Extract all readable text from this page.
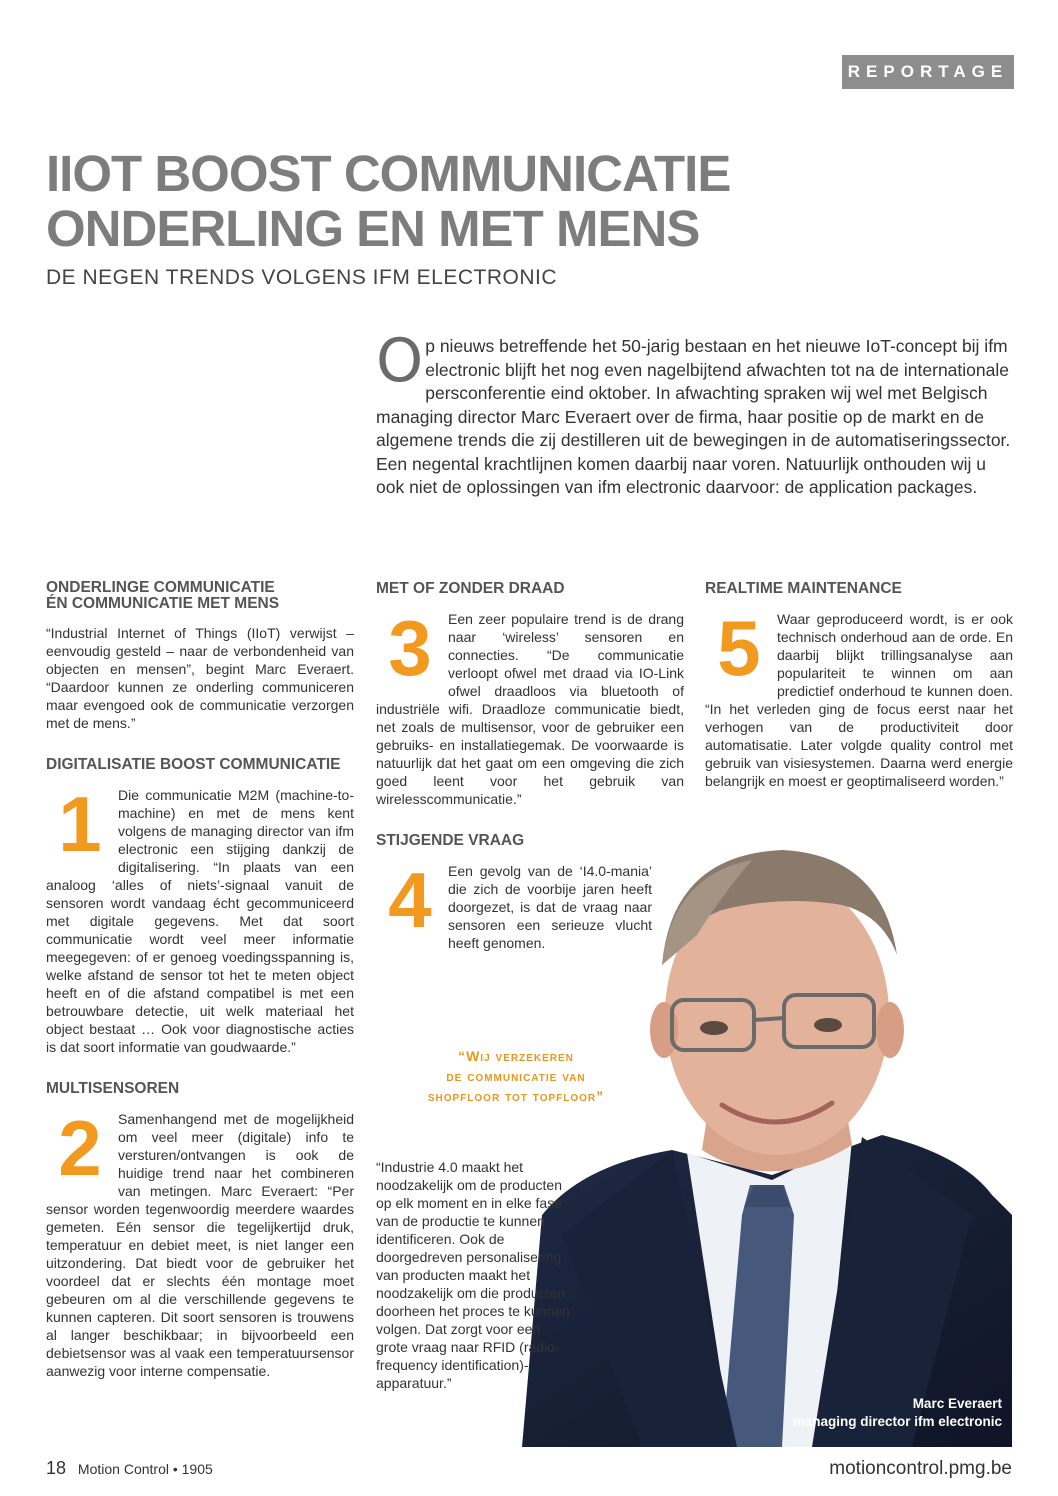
REPORTAGE
IIOT BOOST COMMUNICATIE
ONDERLING EN MET MENS
DE NEGEN TRENDS VOLGENS IFM ELECTRONIC

O p nieuws betreffende het 50-jarig bestaan en het nieuwe IoT-concept bij ifm electronic blijft het nog even nagelbijtend afwachten tot na de internationale persconferentie eind oktober. In afwachting spraken wij wel met Belgisch managing director Marc Everaert over de firma, haar positie op de markt en de algemene trends die zij destilleren uit de bewegingen in de automatiseringssector. Een negental krachtlijnen komen daarbij naar voren. Natuurlijk onthouden wij u ook niet de oplossingen van ifm electronic daarvoor: de application packages.

ONDERLINGE COMMUNICATIE
ÉN COMMUNICATIE MET MENS

“Industrial Internet of Things (IIoT) verwijst – eenvoudig gesteld – naar de verbondenheid van objecten en mensen”, begint Marc Everaert. “Daardoor kunnen ze onderling communiceren maar evengoed ook de communicatie verzorgen met de mens.”

DIGITALISATIE BOOST COMMUNICATIE

1	Die communicatie M2M (machine-to-machine) en met de mens kent volgens de managing director van ifm electronic een stijging dankzij de digitalisering. “In plaats van een analoog ‘alles of niets’-signaal vanuit de sensoren wordt vandaag écht gecommuniceerd met digitale gegevens. Met dat soort communicatie wordt veel meer informatie meegegeven: of er genoeg voedingsspanning is, welke afstand de sensor tot het te meten object heeft en of die afstand compatibel is met een betrouwbare detectie, uit welk materiaal het object bestaat … Ook voor diagnostische acties is dat soort informatie van goudwaarde.”

MULTISENSOREN

2	Samenhangend met de mogelijkheid om veel meer (digitale) info te versturen/ontvangen is ook de huidige trend naar het combineren van metingen. Marc Everaert: “Per sensor worden tegenwoordig meerdere waardes gemeten. Eén sensor die tegelijkertijd druk, temperatuur en debiet meet, is niet langer een uitzondering. Dat biedt voor de gebruiker het voordeel dat er slechts één montage moet gebeuren om al die verschillende gegevens te kunnen capteren. Dit soort sensoren is trouwens al langer beschikbaar; in bijvoorbeeld een debietsensor was al vaak een temperatuursensor aanwezig voor interne compensatie.

MET OF ZONDER DRAAD

3	Een zeer populaire trend is de drang naar ‘wireless’ sensoren en connecties. “De communicatie verloopt ofwel met draad via IO-Link ofwel draadloos via bluetooth of industriële wifi. Draadloze communicatie biedt, net zoals de multisensor, voor de gebruiker een gebruiks- en installatiegemak. De voorwaarde is natuurlijk dat het gaat om een omgeving die zich goed leent voor het gebruik van wirelesscommunicatie.”

STIJGENDE VRAAG

4	Een gevolg van de ‘I4.0-mania’ die zich de voorbije jaren heeft doorgezet, is dat de vraag naar sensoren een serieuze vlucht heeft genomen.

“Wij verzekeren
de communicatie van
shopfloor tot topfloor”
Marc Everaert
managing director ifm electronic

“Industrie 4.0 maakt het noodzakelijk om de producten op elk moment en in elke fase van de productie te kunnen identificeren. Ook de doorgedreven personalisering van producten maakt het noodzakelijk om die producten doorheen het proces te kunnen volgen. Dat zorgt voor een grote vraag naar RFID (radio-frequency identification)-apparatuur.”

REALTIME MAINTENANCE

5	Waar geproduceerd wordt, is er ook technisch onderhoud aan de orde. En daarbij blijkt trillingsanalyse aan populariteit te winnen om aan predictief onderhoud te kunnen doen. “In het verleden ging de focus eerst naar het verhogen van de productiviteit door automatisatie. Later volgde quality control met gebruik van visiesystemen. Daarna werd energie belangrijk en moest er geoptimaliseerd worden.”

18 Motion Control • 1905	motioncontrol.pmg.be
